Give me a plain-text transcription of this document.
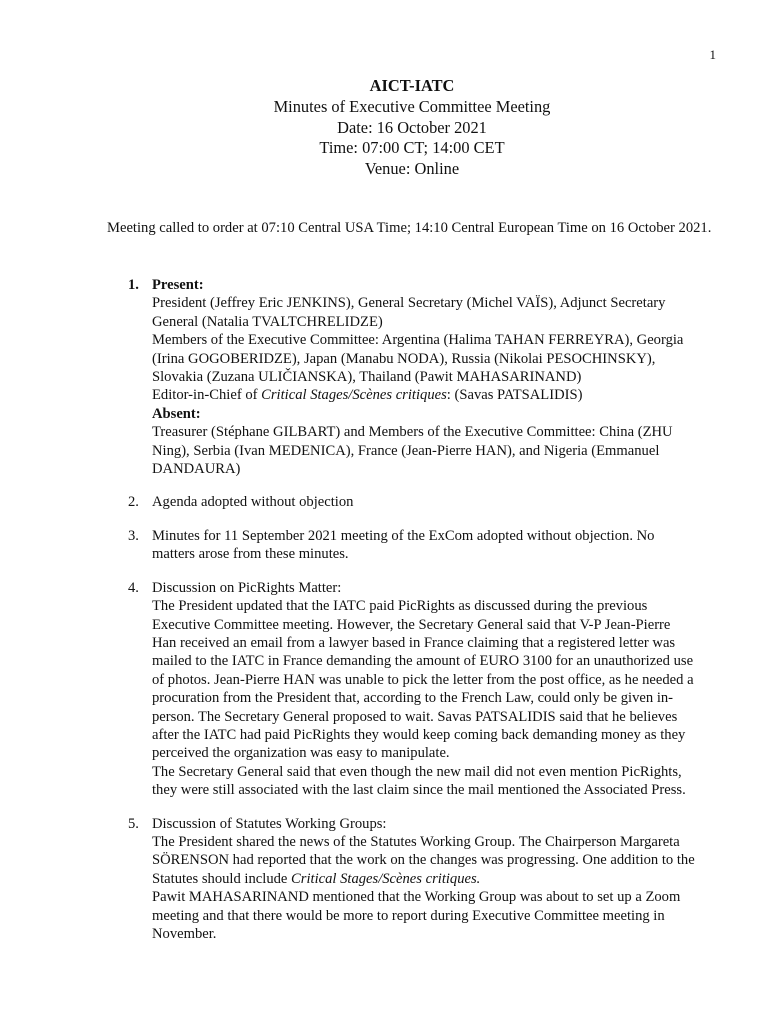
1
AICT-IATC
Minutes of Executive Committee Meeting
Date: 16 October 2021
Time: 07:00 CT; 14:00 CET
Venue: Online
Meeting called to order at 07:10 Central USA Time; 14:10 Central European Time on 16 October 2021.
1. Present:
President (Jeffrey Eric JENKINS), General Secretary (Michel VAÏS), Adjunct Secretary
General (Natalia TVALTCHRELIDZE)
Members of the Executive Committee: Argentina (Halima TAHAN FERREYRA), Georgia
(Irina GOGOBERIDZE), Japan (Manabu NODA), Russia (Nikolai PESOCHINSKY),
Slovakia (Zuzana ULIČIANSKA), Thailand (Pawit MAHASARINAND)
Editor-in-Chief of Critical Stages/Scènes critiques: (Savas PATSALIDIS)
Absent:
Treasurer (Stéphane GILBART) and Members of the Executive Committee: China (ZHU
Ning), Serbia (Ivan MEDENICA), France (Jean-Pierre HAN), and Nigeria (Emmanuel
DANDAURA)
2. Agenda adopted without objection
3. Minutes for 11 September 2021 meeting of the ExCom adopted without objection. No
matters arose from these minutes.
4. Discussion on PicRights Matter:
The President updated that the IATC paid PicRights as discussed during the previous
Executive Committee meeting. However, the Secretary General said that V-P Jean-Pierre
Han received an email from a lawyer based in France claiming that a registered letter was
mailed to the IATC in France demanding the amount of EURO 3100 for an unauthorized use
of photos. Jean-Pierre HAN was unable to pick the letter from the post office, as he needed a
procuration from the President that, according to the French Law, could only be given in-
person. The Secretary General proposed to wait. Savas PATSALIDIS said that he believes
after the IATC had paid PicRights they would keep coming back demanding money as they
perceived the organization was easy to manipulate.
The Secretary General said that even though the new mail did not even mention PicRights,
they were still associated with the last claim since the mail mentioned the Associated Press.
5. Discussion of Statutes Working Groups:
The President shared the news of the Statutes Working Group. The Chairperson Margareta
SÖRENSON had reported that the work on the changes was progressing. One addition to the
Statutes should include Critical Stages/Scènes critiques.
Pawit MAHASARINAND mentioned that the Working Group was about to set up a Zoom
meeting and that there would be more to report during Executive Committee meeting in
November.
